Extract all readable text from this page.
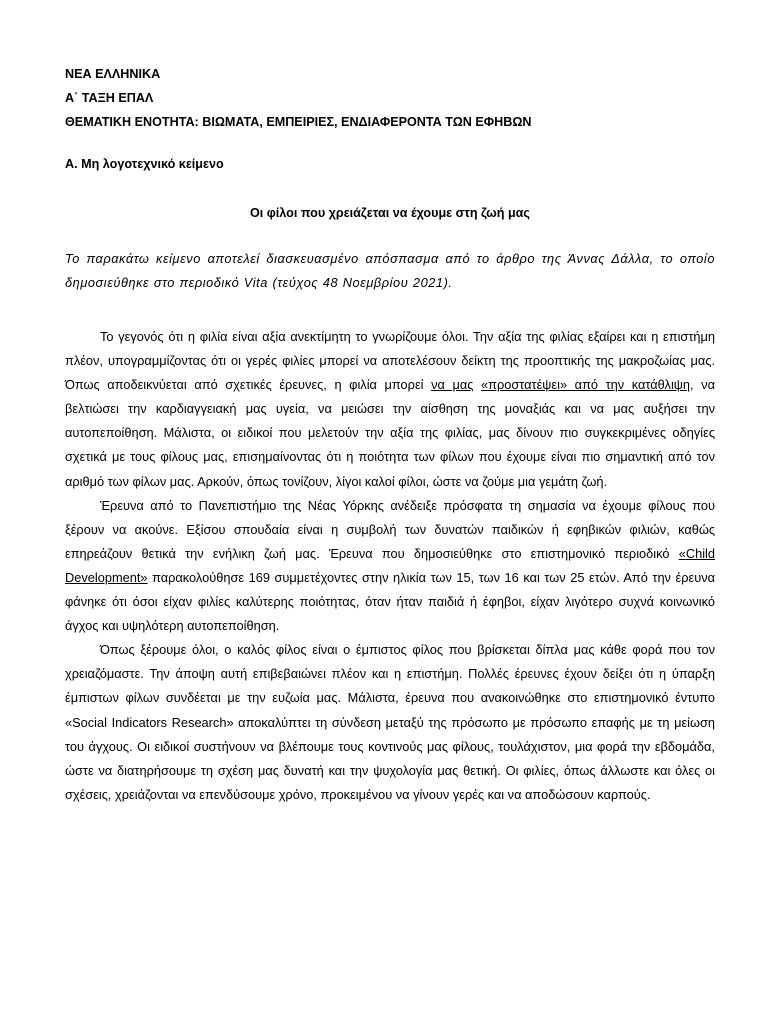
ΝΕΑ ΕΛΛΗΝΙΚΑ

Α΄ ΤΑΞΗ ΕΠΑΛ

ΘΕΜΑΤΙΚΗ ΕΝΟΤΗΤΑ: ΒΙΩΜΑΤΑ, ΕΜΠΕΙΡΙΕΣ, ΕΝΔΙΑΦΕΡΟΝΤΑ ΤΩΝ ΕΦΗΒΩΝ

Α. Μη λογοτεχνικό κείμενο

Οι φίλοι που χρειάζεται να έχουμε στη ζωή μας

Το παρακάτω κείμενο αποτελεί διασκευασμένο απόσπασμα από το άρθρο της Άννας Δάλλα, το οποίο δημοσιεύθηκε στο περιοδικό Vita (τεύχος 48 Νοεμβρίου 2021).

Το γεγονός ότι η φιλία είναι αξία ανεκτίμητη το γνωρίζουμε όλοι. Την αξία της φιλίας εξαίρει και η επιστήμη πλέον, υπογραμμίζοντας ότι οι γερές φιλίες μπορεί να αποτελέσουν δείκτη της προοπτικής της μακροζωίας μας. Όπως αποδεικνύεται από σχετικές έρευνες, η φιλία μπορεί να μας «προστατέψει» από την κατάθλιψη, να βελτιώσει την καρδιαγγειακή μας υγεία, να μειώσει την αίσθηση της μοναξιάς και να μας αυξήσει την αυτοπεποίθηση. Μάλιστα, οι ειδικοί που μελετούν την αξία της φιλίας, μας δίνουν πιο συγκεκριμένες οδηγίες σχετικά με τους φίλους μας, επισημαίνοντας ότι η ποιότητα των φίλων που έχουμε είναι πιο σημαντική από τον αριθμό των φίλων μας. Αρκούν, όπως τονίζουν, λίγοι καλοί φίλοι, ώστε να ζούμε μια γεμάτη ζωή.

Έρευνα από το Πανεπιστήμιο της Νέας Υόρκης ανέδειξε πρόσφατα τη σημασία να έχουμε φίλους που ξέρουν να ακούνε. Εξίσου σπουδαία είναι η συμβολή των δυνατών παιδικών ή εφηβικών φιλιών, καθώς επηρεάζουν θετικά την ενήλικη ζωή μας. Έρευνα που δημοσιεύθηκε στο επιστημονικό περιοδικό «Child Development» παρακολούθησε 169 συμμετέχοντες στην ηλικία των 15, των 16 και των 25 ετών. Από την έρευνα φάνηκε ότι όσοι είχαν φιλίες καλύτερης ποιότητας, όταν ήταν παιδιά ή έφηβοι, είχαν λιγότερο συχνά κοινωνικό άγχος και υψηλότερη αυτοπεποίθηση.

Όπως ξέρουμε όλοι, ο καλός φίλος είναι ο έμπιστος φίλος που βρίσκεται δίπλα μας κάθε φορά που τον χρειαζόμαστε. Την άποψη αυτή επιβεβαιώνει πλέον και η επιστήμη. Πολλές έρευνες έχουν δείξει ότι η ύπαρξη έμπιστων φίλων συνδέεται με την ευζωία μας. Μάλιστα, έρευνα που ανακοινώθηκε στο επιστημονικό έντυπο «Social Indicators Research» αποκαλύπτει τη σύνδεση μεταξύ της πρόσωπο με πρόσωπο επαφής με τη μείωση του άγχους. Οι ειδικοί συστήνουν να βλέπουμε τους κοντινούς μας φίλους, τουλάχιστον, μια φορά την εβδομάδα, ώστε να διατηρήσουμε τη σχέση μας δυνατή και την ψυχολογία μας θετική. Οι φιλίες, όπως άλλωστε και όλες οι σχέσεις, χρειάζονται να επενδύσουμε χρόνο, προκειμένου να γίνουν γερές και να αποδώσουν καρπούς.
